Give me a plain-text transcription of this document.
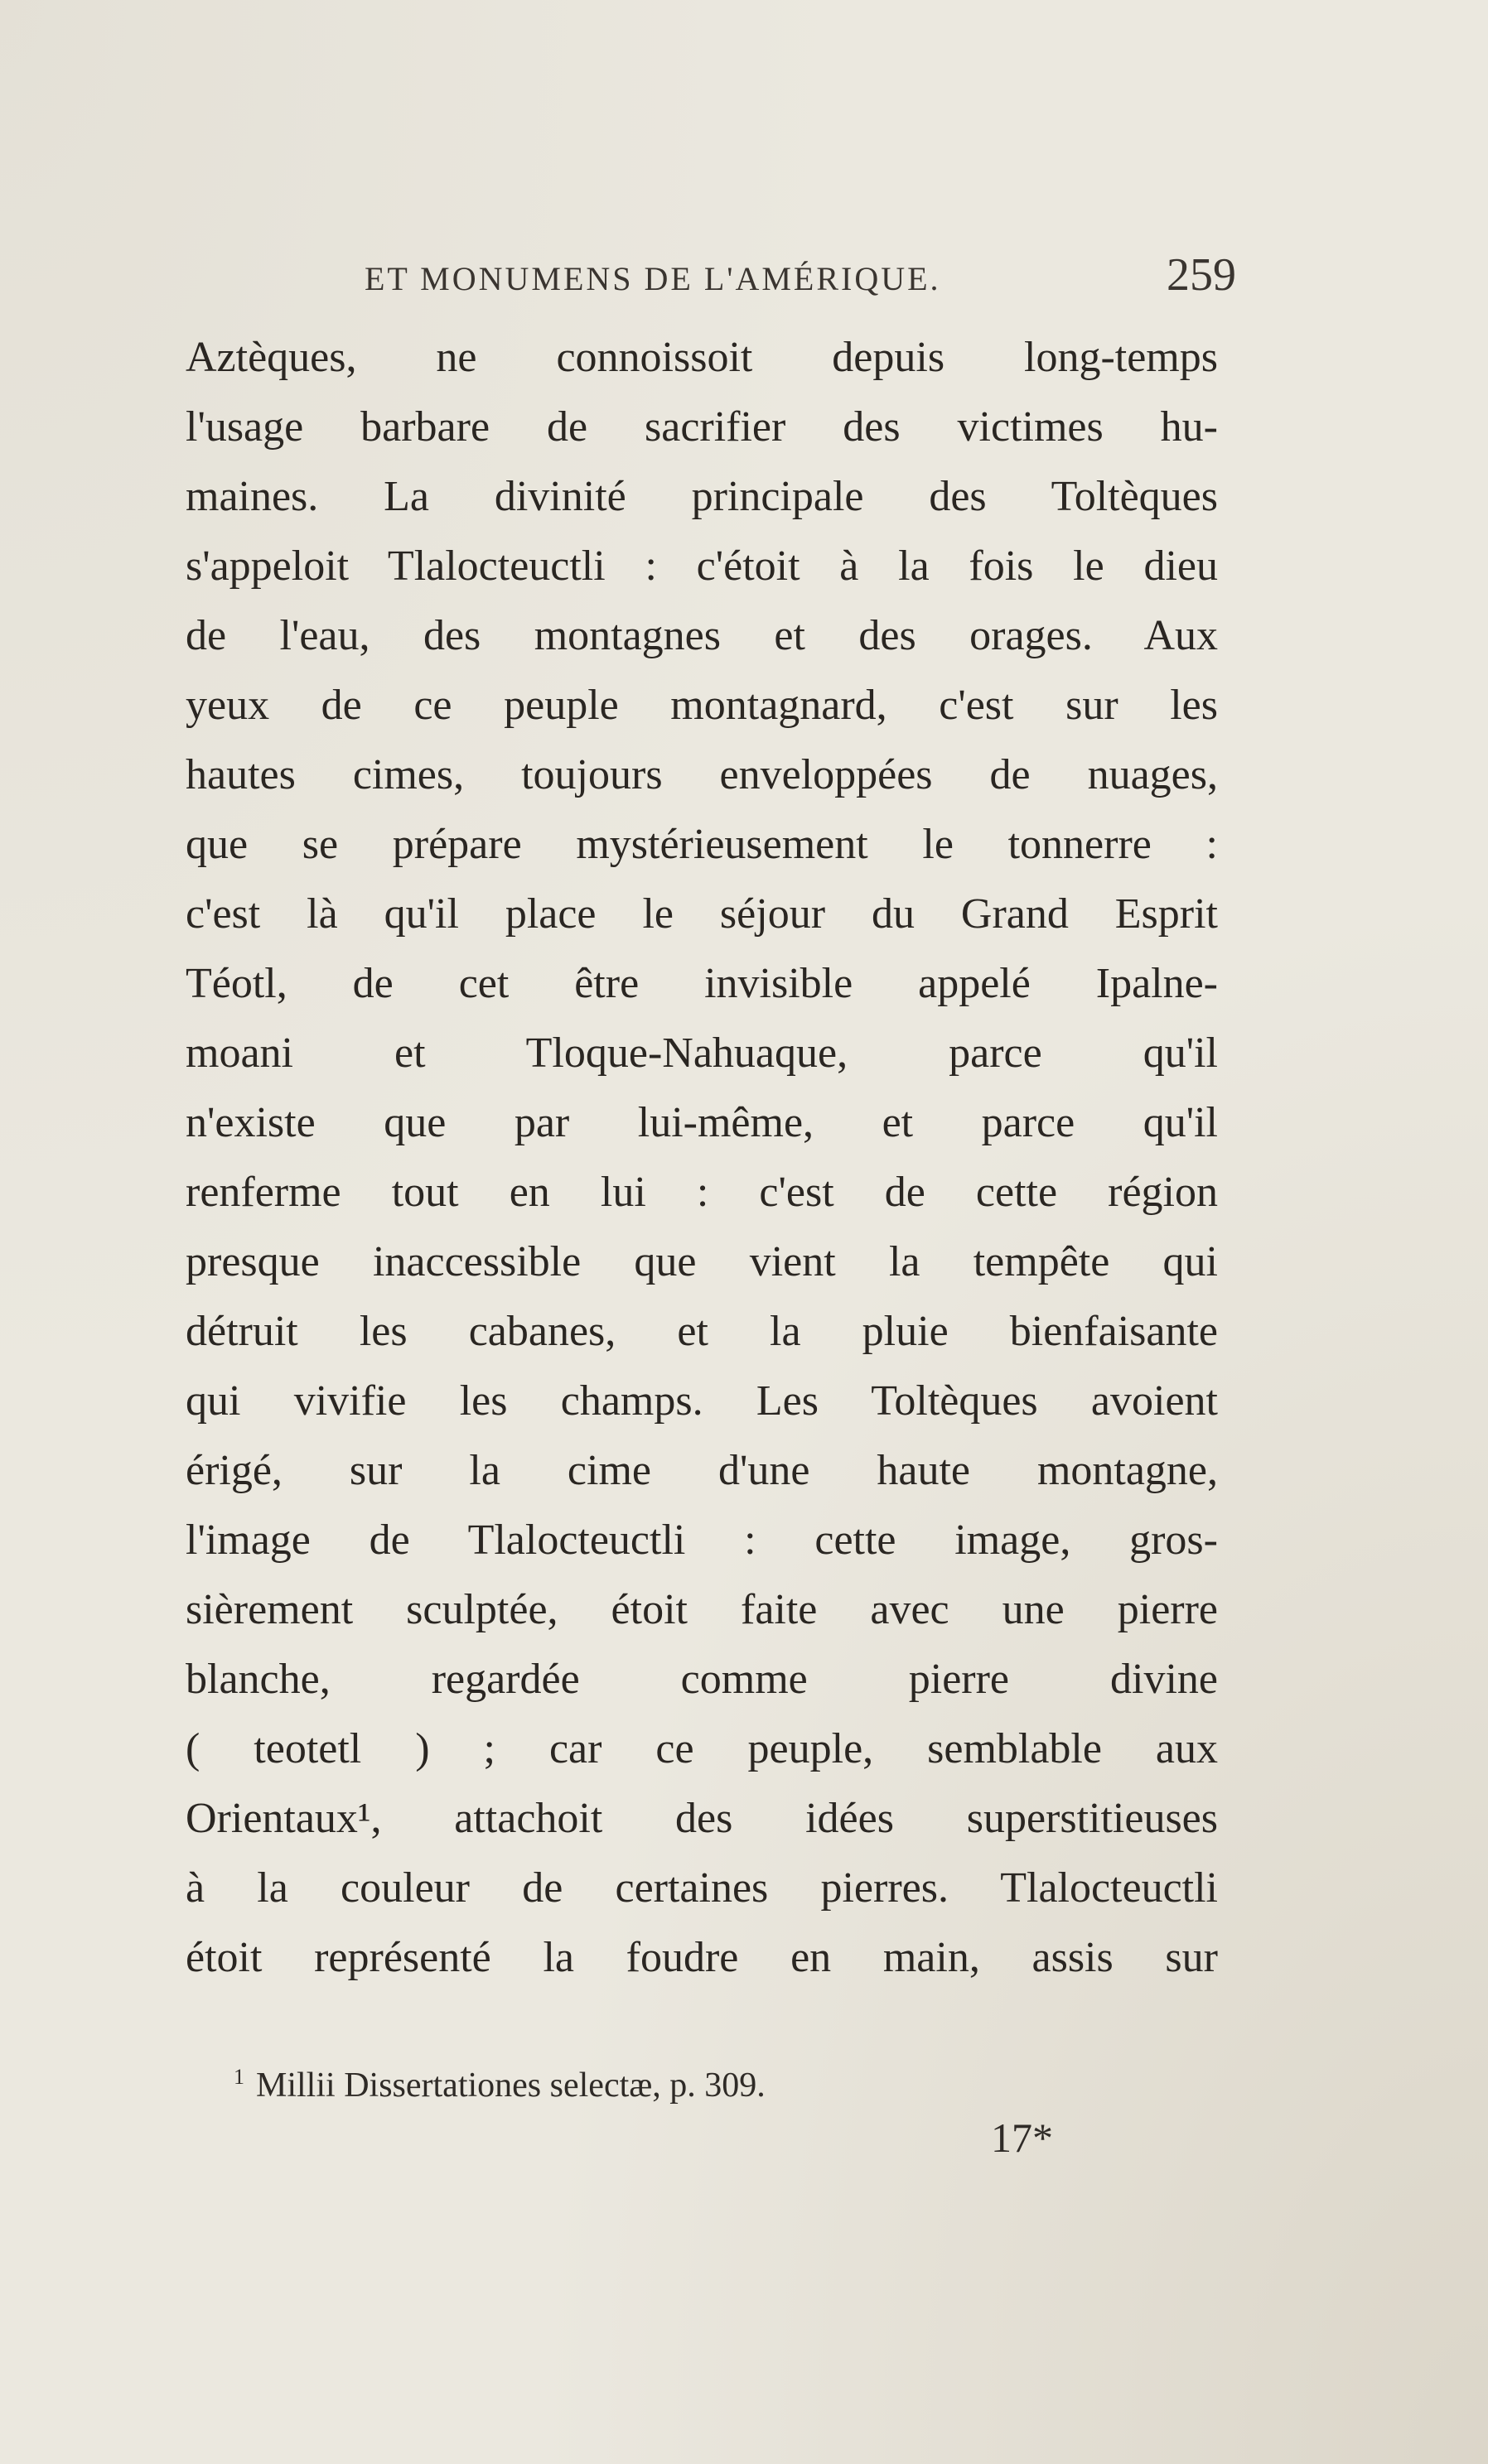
ET MONUMENS DE L'AMÉRIQUE.	259
Aztèques, ne connoissoit depuis long-temps
l'usage barbare de sacrifier des victimes hu-
maines. La divinité principale des Toltèques
s'appeloit Tlalocteuctli : c'étoit à la fois le dieu
de l'eau, des montagnes et des orages. Aux
yeux de ce peuple montagnard, c'est sur les
hautes cimes, toujours enveloppées de nuages,
que se prépare mystérieusement le tonnerre :
c'est là qu'il place le séjour du Grand Esprit
Téotl, de cet être invisible appelé Ipalne-
moani et Tloque-Nahuaque, parce qu'il
n'existe que par lui-même, et parce qu'il
renferme tout en lui : c'est de cette région
presque inaccessible que vient la tempête qui
détruit les cabanes, et la pluie bienfaisante
qui vivifie les champs. Les Toltèques avoient
érigé, sur la cime d'une haute montagne,
l'image de Tlalocteuctli : cette image, gros-
sièrement sculptée, étoit faite avec une pierre
blanche, regardée comme pierre divine
( teotetl ) ; car ce peuple, semblable aux
Orientaux¹, attachoit des idées superstitieuses
à la couleur de certaines pierres. Tlalocteuctli
étoit représenté la foudre en main, assis sur
$^1$ Millii Dissertationes selectæ, p. 309.
17*
